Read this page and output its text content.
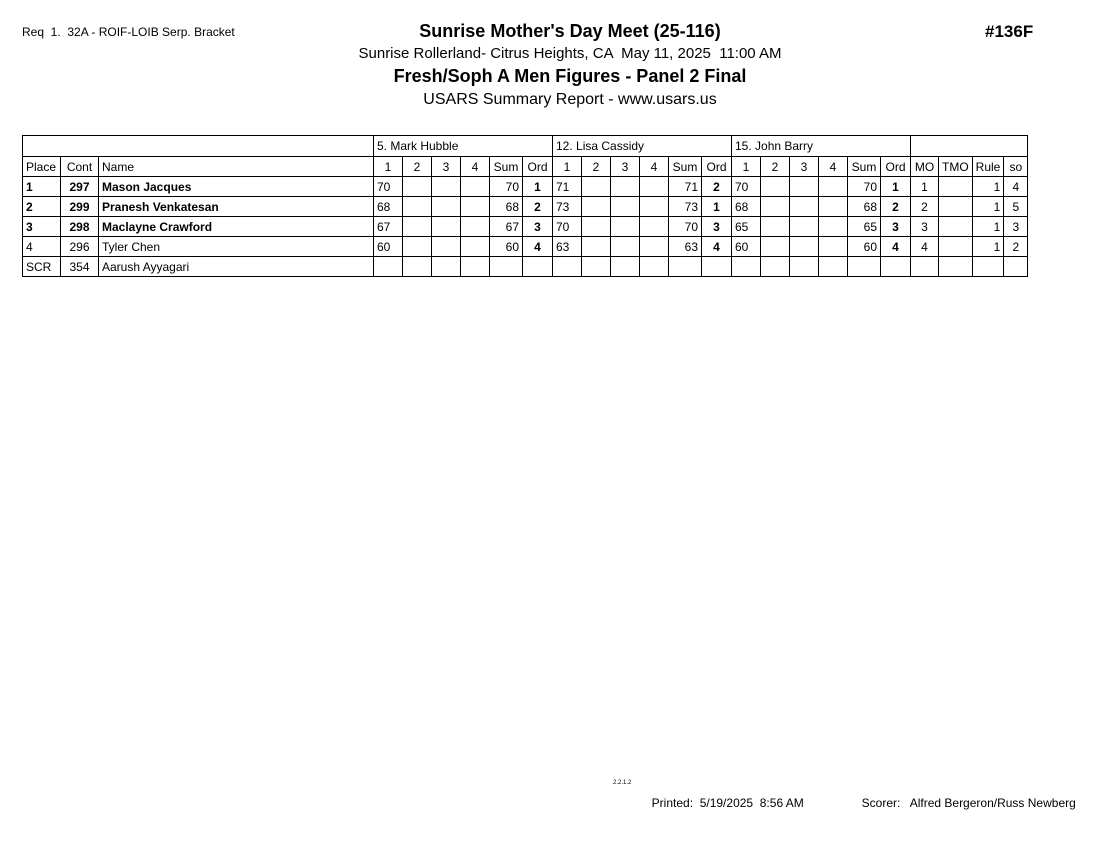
Req  1.  32A - ROIF-LOIB Serp. Bracket	#136F
Sunrise Mother's Day Meet (25-116)
Sunrise Rollerland- Citrus Heights, CA  May 11, 2025  11:00 AM
Fresh/Soph A Men Figures - Panel 2 Final
USARS Summary Report - www.usars.us
			5. Mark Hubble						12. Lisa Cassidy						15. John Barry									
Place	Cont	Name	1	2	3	4	Sum	Ord	1	2	3	4	Sum	Ord	1	2	3	4	Sum	Ord	MO	TMO	Rule	so
1	297	Mason Jacques	70				70	1	71				71	2	70				70	1	1		1	4
2	299	Pranesh Venkatesan	68				68	2	73				73	1	68				68	2	2		1	5
3	298	Maclayne Crawford	67				67	3	70				70	3	65				65	3	3		1	3
4	296	Tyler Chen	60				60	4	63				63	4	60				60	4	4		1	2
SCR	354	Aarush Ayyagari																						
2.2.1.2

Printed: 5/19/2025  8:56 AM	Scorer: Alfred Bergeron/Russ Newberg
